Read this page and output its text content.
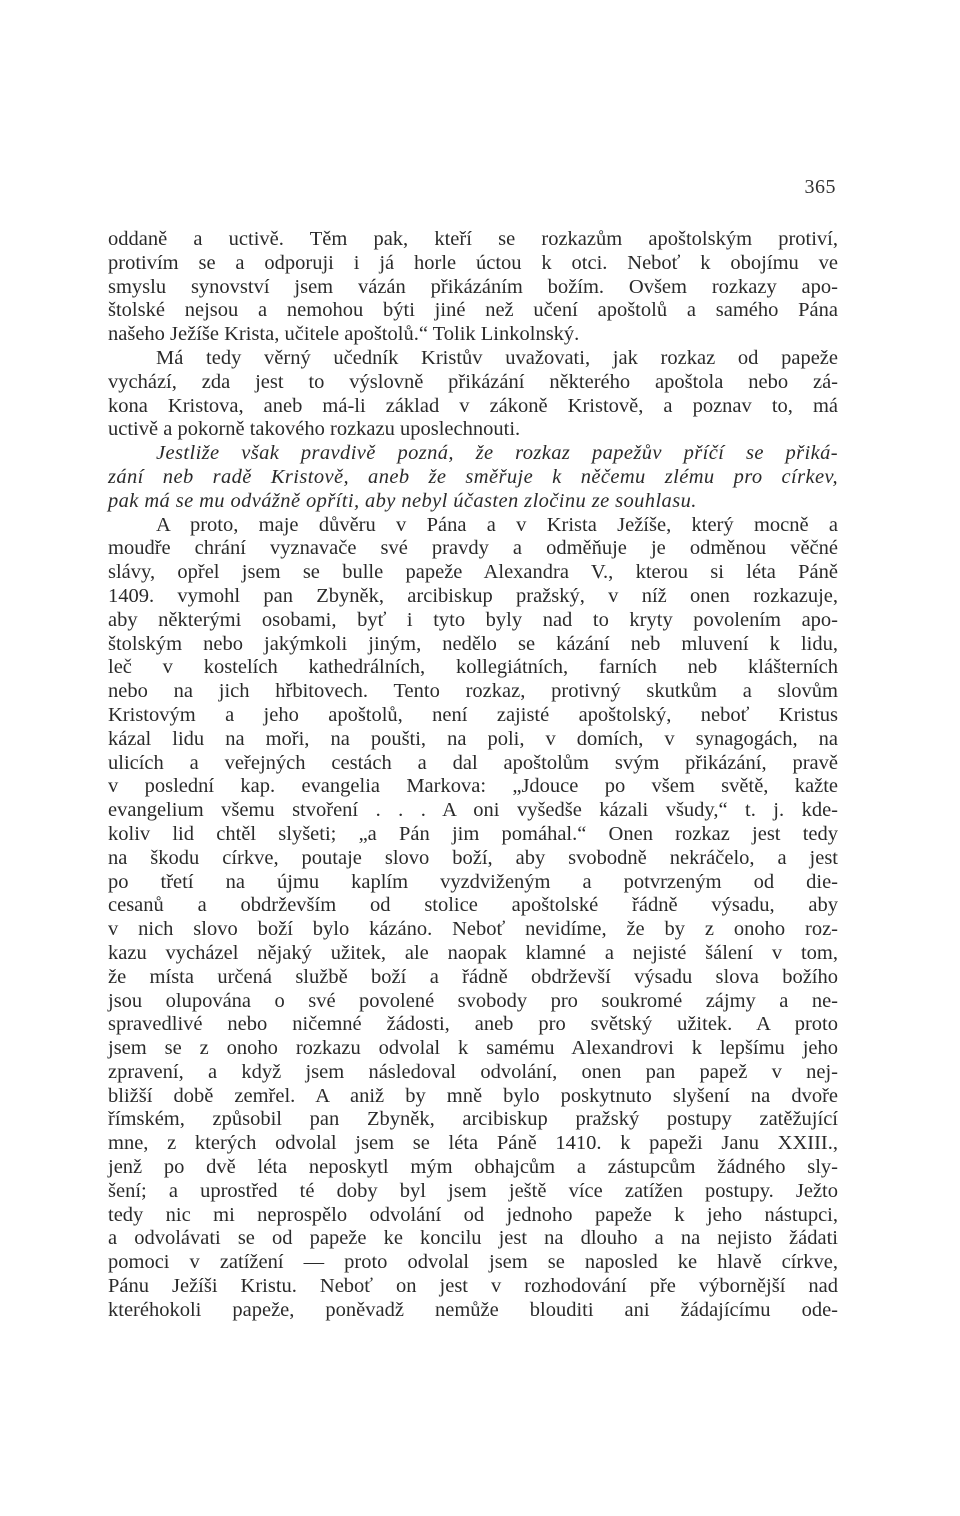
365
oddaně a uctivě. Těm pak, kteří se rozkazům apoštolským protiví,
protivím se a odporuji i já horle úctou k otci. Neboť k obojímu ve
smyslu synovství jsem vázán přikázáním božím. Ovšem rozkazy apo-
štolské nejsou a nemohou býti jiné než učení apoštolů a samého Pána
našeho Ježíše Krista, učitele apoštolů.“ Tolik Linkolnský.
Má tedy věrný učedník Kristův uvažovati, jak rozkaz od papeže
vychází, zda jest to výslovně přikázání některého apoštola nebo zá-
kona Kristova, aneb má-li základ v zákoně Kristově, a poznav to, má
uctivě a pokorně takového rozkazu uposlechnouti.
Jestliže však pravdivě pozná, že rozkaz papežův příčí se přiká-
zání neb radě Kristově, aneb že směřuje k něčemu zlému pro církev,
pak má se mu odvážně opříti, aby nebyl účasten zločinu ze souhlasu.
A proto, maje důvěru v Pána a v Krista Ježíše, který mocně a
moudře chrání vyznavače své pravdy a odměňuje je odměnou věčné
slávy, opřel jsem se bulle papeže Alexandra V., kterou si léta Páně
1409. vymohl pan Zbyněk, arcibiskup pražský, v níž onen rozkazuje,
aby některými osobami, byť i tyto byly nad to kryty povolením apo-
štolským nebo jakýmkoli jiným, nedělo se kázání neb mluvení k lidu,
leč v kostelích kathedrálních, kollegiátních, farních neb klášterních
nebo na jich hřbitovech. Tento rozkaz, protivný skutkům a slovům
Kristovým a jeho apoštolů, není zajisté apoštolský, neboť Kristus
kázal lidu na moři, na poušti, na poli, v domích, v synagogách, na
ulicích a veřejných cestách a dal apoštolům svým přikázání, pravě
v poslední kap. evangelia Markova: „Jdouce po všem světě, kažte
evangelium všemu stvoření . . . A oni vyšedše kázali všudy,“ t. j. kde-
koliv lid chtěl slyšeti; „a Pán jim pomáhal.“ Onen rozkaz jest tedy
na škodu církve, poutaje slovo boží, aby svobodně nekráčelo, a jest
po třetí na újmu kaplím vyzdviženým a potvrzeným od die-
cesanů a obdrževším od stolice apoštolské řádně výsadu, aby
v nich slovo boží bylo kázáno. Neboť nevidíme, že by z onoho roz-
kazu vycházel nějaký užitek, ale naopak klamné a nejisté šálení v tom,
že místa určená službě boží a řádně obdrževší výsadu slova božího
jsou olupována o své povolené svobody pro soukromé zájmy a ne-
spravedlivé nebo ničemné žádosti, aneb pro světský užitek. A proto
jsem se z onoho rozkazu odvolal k samému Alexandrovi k lepšímu jeho
zpravení, a když jsem následoval odvolání, onen pan papež v nej-
bližší době zemřel. A aniž by mně bylo poskytnuto slyšení na dvoře
římském, způsobil pan Zbyněk, arcibiskup pražský postupy zatěžující
mne, z kterých odvolal jsem se léta Páně 1410. k papeži Janu XXIII.,
jenž po dvě léta neposkytl mým obhajcům a zástupcům žádného sly-
šení; a uprostřed té doby byl jsem ještě více zatížen postupy. Ježto
tedy nic mi neprospělo odvolání od jednoho papeže k jeho nástupci,
a odvolávati se od papeže ke koncilu jest na dlouho a na nejisto žádati
pomoci v zatížení — proto odvolal jsem se naposled ke hlavě církve,
Pánu Ježíši Kristu. Neboť on jest v rozhodování pře výbornější nad
kteréhokoli papeže, poněvadž nemůže blouditi ani žádajícímu ode-
